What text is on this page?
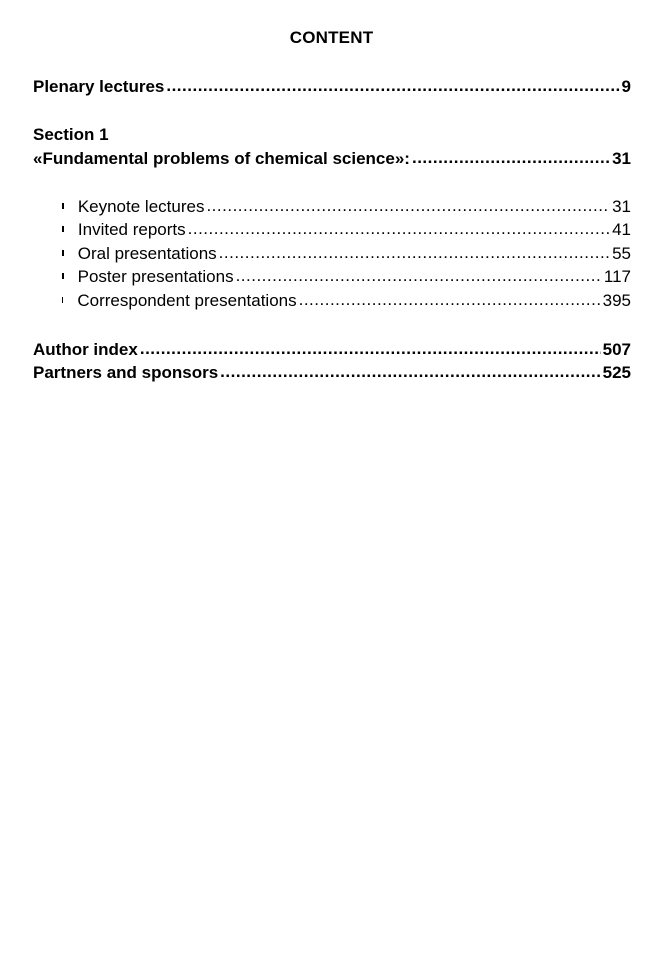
CONTENT
Plenary lectures .....	9
Section 1
«Fundamental problems of chemical science»: .....	31
Keynote lectures .....	31
Invited reports .....	41
Oral presentations .....	55
Poster presentations .....	117
Correspondent presentations .....	395
Author index .....	507
Partners and sponsors .....	525
